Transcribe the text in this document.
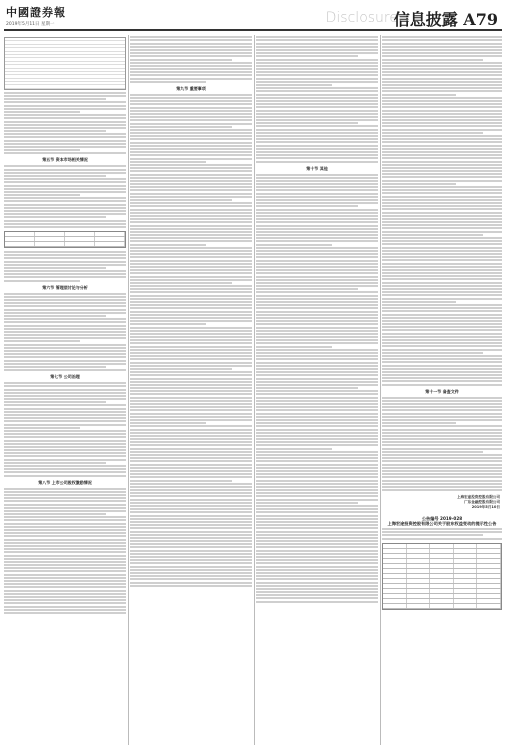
中國證券報
2019年5月11日 星期一	Disclosure
信息披露 A79
第五节 资本市场相关情况
第六节 管理层讨论与分析
第七节 公司治理
第八节 上市公司股权激励情况
第九节 重要事项
第十节 其他
第十一节 备查文件
上海宏途投资控股有限公司
广东金融控股有限公司
2019年5月10日
公告编号 2019-028
上海宏途投资控股有限公司关于股东权益变动的提示性公告
